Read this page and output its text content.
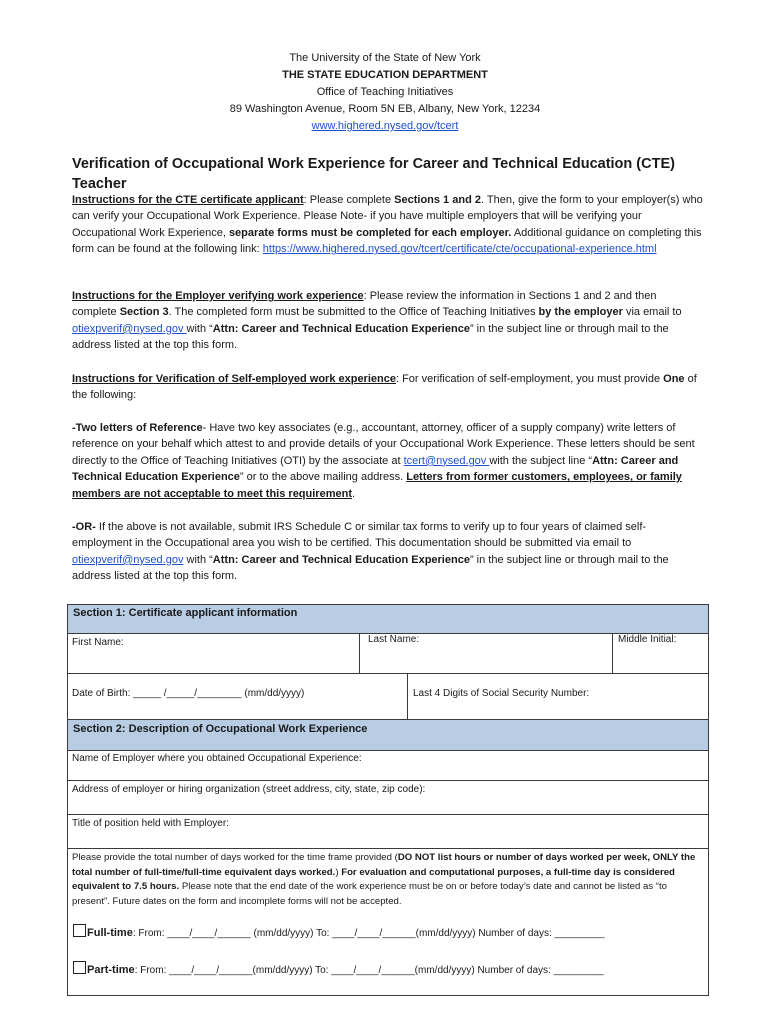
The University of the State of New York
THE STATE EDUCATION DEPARTMENT
Office of Teaching Initiatives
89 Washington Avenue, Room 5N EB, Albany, New York, 12234
www.highered.nysed.gov/tcert
Verification of Occupational Work Experience for Career and Technical Education (CTE) Teacher
Instructions for the CTE certificate applicant: Please complete Sections 1 and 2. Then, give the form to your employer(s) who can verify your Occupational Work Experience. Please Note- if you have multiple employers that will be verifying your Occupational Work Experience, separate forms must be completed for each employer. Additional guidance on completing this form can be found at the following link: https://www.highered.nysed.gov/tcert/certificate/cte/occupational-experience.html
Instructions for the Employer verifying work experience: Please review the information in Sections 1 and 2 and then complete Section 3. The completed form must be submitted to the Office of Teaching Initiatives by the employer via email to otiexpverif@nysed.gov with “Attn: Career and Technical Education Experience” in the subject line or through mail to the address listed at the top this form.
Instructions for Verification of Self-employed work experience: For verification of self-employment, you must provide One of the following:
-Two letters of Reference- Have two key associates (e.g., accountant, attorney, officer of a supply company) write letters of reference on your behalf which attest to and provide details of your Occupational Work Experience. These letters should be sent directly to the Office of Teaching Initiatives (OTI) by the associate at tcert@nysed.gov with the subject line “Attn: Career and Technical Education Experience” or to the above mailing address. Letters from former customers, employees, or family members are not acceptable to meet this requirement.
-OR- If the above is not available, submit IRS Schedule C or similar tax forms to verify up to four years of claimed self-employment in the Occupational area you wish to be certified. This documentation should be submitted via email to otiexpverif@nysed.gov with “Attn: Career and Technical Education Experience” in the subject line or through mail to the address listed at the top this form.
Section 1: Certificate applicant information
First Name:	Last Name:	Middle Initial:
Date of Birth: _____ /_____/________ (mm/dd/yyyy)	Last 4 Digits of Social Security Number:
Section 2: Description of Occupational Work Experience
Name of Employer where you obtained Occupational Experience:
Address of employer or hiring organization (street address, city, state, zip code):
Title of position held with Employer:
Please provide the total number of days worked for the time frame provided (DO NOT list hours or number of days worked per week, ONLY the total number of full-time/full-time equivalent days worked.) For evaluation and computational purposes, a full-time day is considered equivalent to 7.5 hours. Please note that the end date of the work experience must be on or before today’s date and cannot be listed as “to present”. Future dates on the form and incomplete forms will not be accepted.
Full-time: From: ____/____/______ (mm/dd/yyyy) To: ____/____/______(mm/dd/yyyy) Number of days: _________
Part-time: From: ____/____/______(mm/dd/yyyy) To: ____/____/______(mm/dd/yyyy) Number of days: _________
